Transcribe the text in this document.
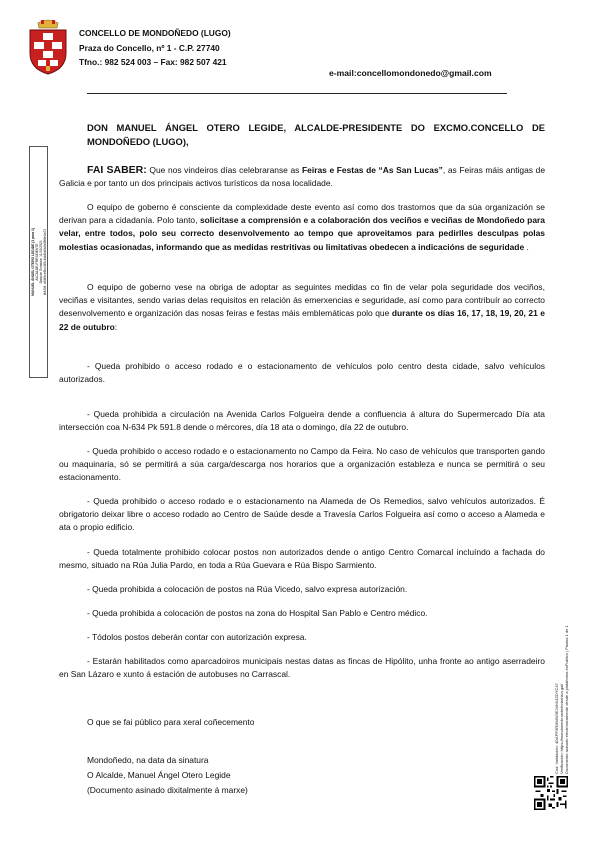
CONCELLO DE MONDOÑEDO (LUGO)
Praza do Concello, nº 1 - C.P. 27740
Tfno.: 982 524 003 – Fax: 982 507 421
e-mail:concellomondonedo@gmail.com
MANUEL ÁNGEL OTERO LEGIDE (1 para 1) ALCALDE-PRESIDENTE Data de Sinatura: 11/10/2023 HASH: d54f9cef5cc9f3c6dd0a6b8e5f6fe4a73
DON MANUEL ÁNGEL OTERO LEGIDE, ALCALDE-PRESIDENTE DO EXCMO.CONCELLO DE MONDOÑEDO (LUGO),

FAI SABER: Que nos vindeiros días celebraranse as Feiras e Festas de “As San Lucas”, as Feiras máis antigas de Galicia e por tanto un dos principais activos turísticos da nosa localidade.

O equipo de goberno é consciente da complexidade deste evento así como dos trastornos que da súa organización se derivan para a cidadanía. Polo tanto, solicitase a comprensión e a colaboración dos veciños e veciñas de Mondoñedo para velar, entre todos, polo seu correcto desenvolvemento ao tempo que aproveitamos para pedirlles desculpas polas molestias ocasionadas, informando que as medidas restritivas ou limitativas obedecen a indicacións de seguridade .

O equipo de goberno vese na obriga de adoptar as seguintes medidas co fin de velar pola seguridade dos veciños, veciñas e visitantes, sendo varias delas requisitos en relación ás emerxencias e seguridade, así como para contribuír ao correcto desenvolvemento e organización das nosas feiras e festas máis emblemáticas polo que durante os días 16, 17, 18, 19, 20, 21 e 22 de outubro:

- Queda prohibido o acceso rodado e o estacionamento de vehículos polo centro desta cidade, salvo vehículos autorizados.

- Queda prohibida a circulación na Avenida Carlos Folgueira dende a confluencia á altura do Supermercado Día ata intersección coa N-634 Pk 591.8 dende o mércores, día 18 ata o domingo, día 22 de outubro.

- Queda prohibido o acceso rodado e o estacionamento no Campo da Feira. No caso de vehículos que transporten gando ou maquinaria, só se permitirá a súa carga/descarga nos horarios que a organización estableza e nunca se permitirá o seu estacionamento.

- Queda prohibido o acceso rodado e o estacionamento na Alameda de Os Remedios, salvo vehículos autorizados. É obrigatorio deixar libre o acceso rodado ao Centro de Saúde desde a Travesía Carlos Folgueira así como o acceso a Alameda e ata o propio edificio.

- Queda totalmente prohibido colocar postos non autorizados dende o antigo Centro Comarcal incluíndo a fachada do mesmo, situado na Rúa Julia Pardo, en toda a Rúa Guevara e Rúa Bispo Sarmiento.

- Queda prohibida a colocación de postos na Rúa Vicedo, salvo expresa autorización.

- Queda prohibida a colocación de postos na zona do Hospital San Pablo e Centro médico.

- Tódolos postos deberán contar con autorización expresa.

- Estarán habilitados como aparcadoiros municipais nestas datas as fincas de Hipólito, unha fronte ao antigo aserradeiro en San Lázaro e xunto á estación de autobuses no Carrascal.

O que se fai público para xeral coñecemento
Mondoñedo, na data da sinatura
O Alcalde, Manuel Ángel Otero Legide
(Documento asinado dixitalmente á marxe)
Cód. Validación: 4DAPP3RMMW3EJ4HX4ZDYC47 Verificación: https://mondonedo.sedelectronica.gal/ Documento asinado electrónicamente desde a plataforma esPublico | Páxina 1 de 1
